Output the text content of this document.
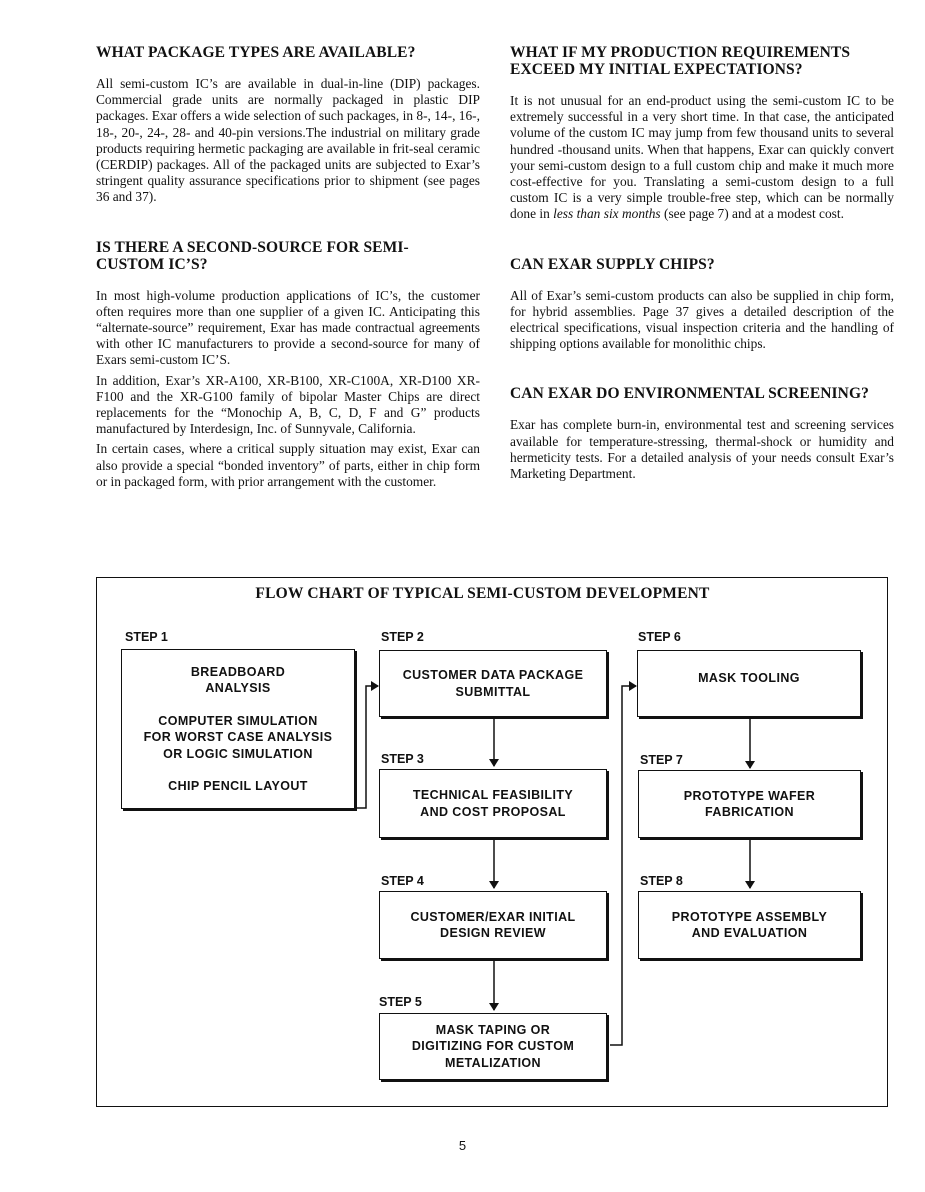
WHAT PACKAGE TYPES ARE AVAILABLE?

All semi-custom IC’s are available in dual-in-line (DIP) packages. Commercial grade units are normally packaged in plastic DIP packages. Exar offers a wide selection of such packages, in 8-, 14-, 16-, 18-, 20-, 24-, 28- and 40-pin versions.The industrial on military grade products requiring hermetic packaging are available in frit-seal ceramic (CERDIP) packages. All of the packaged units are subjected to Exar’s stringent quality assurance specifications prior to shipment (see pages 36 and 37).

IS THERE A SECOND-SOURCE FOR SEMI-CUSTOM IC’S?

In most high-volume production applications of IC’s, the customer often requires more than one supplier of a given IC. Anticipating this “alternate-source” requirement, Exar has made contractual agreements with other IC manufacturers to provide a second-source for many of Exars semi-custom IC’S.

In addition, Exar’s XR-A100, XR-B100, XR-C100A, XR-D100 XR-F100 and the XR-G100 family of bipolar Master Chips are direct replacements for the “Monochip A, B, C, D, F and G” products manufactured by Interdesign, Inc. of Sunnyvale, California.

In certain cases, where a critical supply situation may exist, Exar can also provide a special “bonded inventory” of parts, either in chip form or in packaged form, with prior arrangement with the customer.

WHAT IF MY PRODUCTION REQUIREMENTS EXCEED MY INITIAL EXPECTATIONS?

It is not unusual for an end-product using the semi-custom IC to be extremely successful in a very short time. In that case, the anticipated volume of the custom IC may jump from few thousand units to several hundred -thousand units. When that happens, Exar can quickly convert your semi-custom design to a full custom chip and make it much more cost-effective for you. Translating a semi-custom design to a full custom IC is a very simple trouble-free step, which can be normally done in less than six months (see page 7) and at a modest cost.

CAN EXAR SUPPLY CHIPS?

All of Exar’s semi-custom products can also be supplied in chip form, for hybrid assemblies. Page 37 gives a detailed description of the electrical specifications, visual inspection criteria and the handling of shipping options available for monolithic chips.

CAN EXAR DO ENVIRONMENTAL SCREENING?

Exar has complete burn-in, environmental test and screening services available for temperature-stressing, thermal-shock or humidity and hermeticity tests. For a detailed analysis of your needs consult Exar’s Marketing Department.

FLOW CHART OF TYPICAL SEMI-CUSTOM DEVELOPMENT
STEP 1
BREADBOARD
ANALYSIS
COMPUTER SIMULATION
FOR WORST CASE ANALYSIS
OR LOGIC SIMULATION
CHIP PENCIL LAYOUT
STEP 2
CUSTOMER DATA PACKAGE
SUBMITTAL
STEP 3
TECHNICAL FEASIBILITY
AND COST PROPOSAL
STEP 4
CUSTOMER/EXAR INITIAL
DESIGN REVIEW
STEP 5
MASK TAPING OR
DIGITIZING FOR CUSTOM
METALIZATION
STEP 6
MASK TOOLING
STEP 7
PROTOTYPE WAFER
FABRICATION
STEP 8
PROTOTYPE ASSEMBLY
AND EVALUATION
5
